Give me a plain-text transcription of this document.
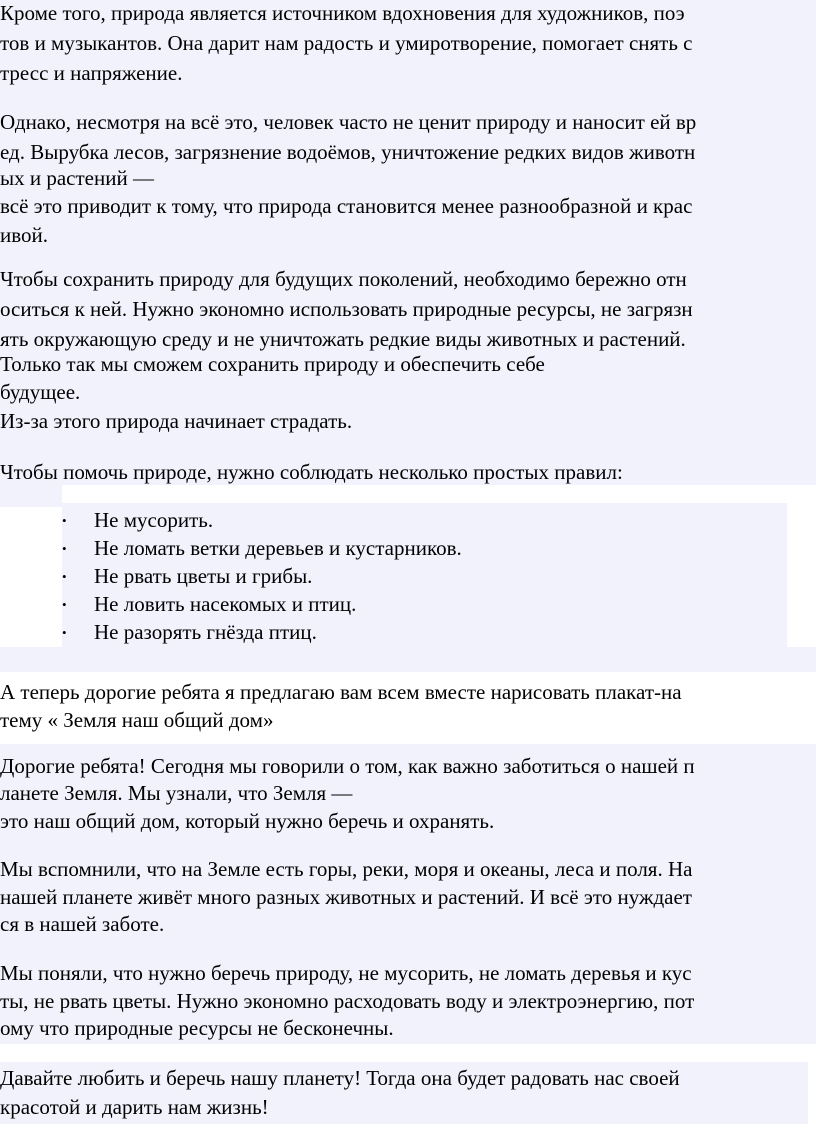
Кроме того, природа является источником вдохновения для художников, поэ
тов и музыкантов. Она дарит нам радость и умиротворение, помогает снять с
тресс и напряжение.
Однако, несмотря на всё это, человек часто не ценит природу и наносит ей вр
ед. Вырубка лесов, загрязнение водоёмов, уничтожение редких видов животн
ых и растений —
всё это приводит к тому, что природа становится менее разнообразной и крас
ивой.
Чтобы сохранить природу для будущих поколений, необходимо бережно отн
оситься к ней. Нужно экономно использовать природные ресурсы, не загрязн
ять окружающую среду и не уничтожать редкие виды животных и растений.
Только так мы сможем сохранить природу и обеспечить себе
будущее.
Из-за этого природа начинает страдать.
Чтобы помочь природе, нужно соблюдать несколько простых правил:

•

Не мусорить.

•

Не ломать ветки деревьев и кустарников.

•

Не рвать цветы и грибы.

•

Не ловить насекомых и птиц.

•

Не разорять гнёзда птиц.

А теперь дорогие ребята я предлагаю вам всем вместе нарисовать плакат-на
тему « Земля наш общий дом»
Дорогие ребята! Сегодня мы говорили о том, как важно заботиться о нашей п
ланете Земля. Мы узнали, что Земля —
это наш общий дом, который нужно беречь и охранять.
Мы вспомнили, что на Земле есть горы, реки, моря и океаны, леса и поля. На
нашей планете живёт много разных животных и растений. И всё это нуждает
ся в нашей заботе.
Мы поняли, что нужно беречь природу, не мусорить, не ломать деревья и кус
ты, не рвать цветы. Нужно экономно расходовать воду и электроэнергию, пот
ому что природные ресурсы не бесконечны.
Давайте любить и беречь нашу планету! Тогда она будет радовать нас своей
красотой и дарить нам жизнь!
